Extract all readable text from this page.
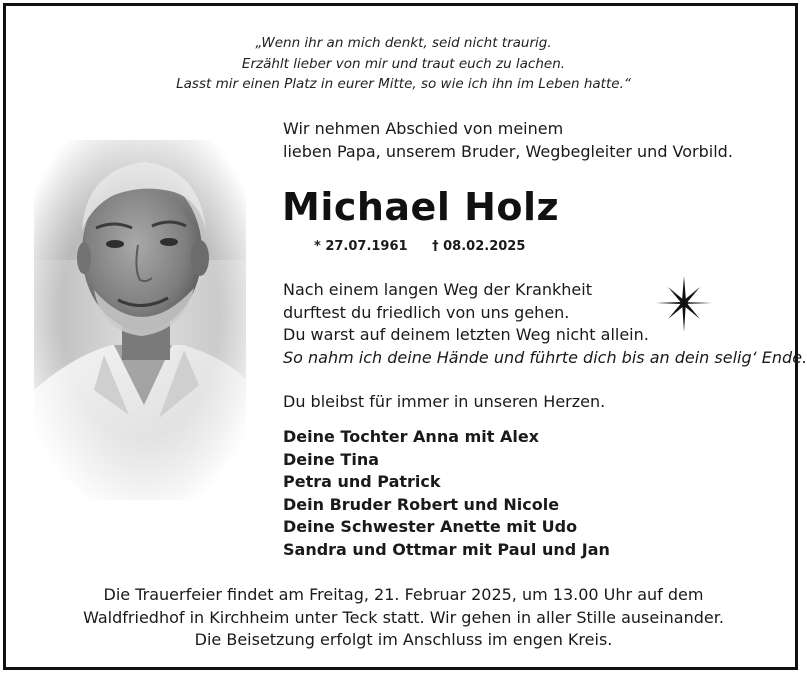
„Wenn ihr an mich denkt, seid nicht traurig.
Erzählt lieber von mir und traut euch zu lachen.
Lasst mir einen Platz in eurer Mitte, so wie ich ihn im Leben hatte.“
Wir nehmen Abschied von meinem
lieben Papa, unserem Bruder, Wegbegleiter und Vorbild.
Michael Holz
* 27.07.1961 † 08.02.2025
Nach einem langen Weg der Krankheit
durftest du friedlich von uns gehen.
Du warst auf deinem letzten Weg nicht allein.
So nahm ich deine Hände und führte dich bis an dein selig‘ Ende.
Du bleibst für immer in unseren Herzen.
Deine Tochter Anna mit Alex
Deine Tina
Petra und Patrick
Dein Bruder Robert und Nicole
Deine Schwester Anette mit Udo
Sandra und Ottmar mit Paul und Jan
Die Trauerfeier findet am Freitag, 21. Februar 2025, um 13.00 Uhr auf dem
Waldfriedhof in Kirchheim unter Teck statt. Wir gehen in aller Stille auseinander.
Die Beisetzung erfolgt im Anschluss im engen Kreis.
